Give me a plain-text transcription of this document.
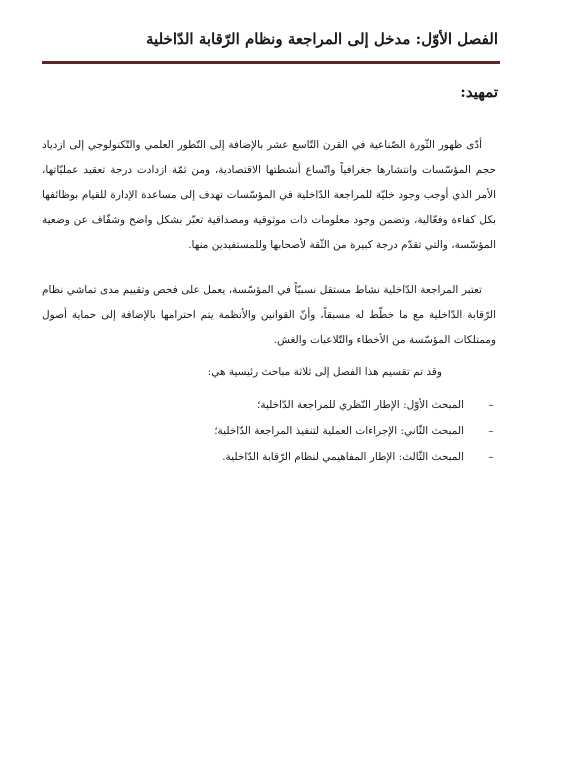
الفصل الأوّل: مدخل إلى المراجعة ونظام الرّقابة الدّاخلية
تمهيد:

أدّى ظهور الثّورة الصّناعية في القرن التّاسع عشر بالإضافة إلى التّطور العلمي والتّكنولوجي إلى ازدياد حجم المؤسّسات وانتشارها جغرافياً واتّساع أنشطتها الاقتصادية، ومن ثمّة ازدادت درجة تعقيد عمليّاتها، الأمر الذي أوجب وجود خليّة للمراجعة الدّاخلية في المؤسّسات تهدف إلى مساعدة الإدارة للقيام بوظائفها بكل كفاءة وفعّالية، وتضمن وجود معلومات ذات موثوقية ومصداقية تعبّر بشكل واضح وشفّاف عن وضعية المؤسّسة، والتي تقدّم درجة كبيرة من الثّقة لأصحابها وللمستفيدين منها.

تعتبر المراجعة الدّاخلية نشاط مستقل نسبيّاً في المؤسّسة، يعمل على فحص وتقييم مدى تماشي نظام الرّقابة الدّاخلية مع ما خطّط له مسبقاً، وأنّ القوانين والأنظمة يتم احترامها بالإضافة إلى حماية أصول وممتلكات المؤسّسة من الأخطاء والتّلاعبات والغش.

وقد تم تقسيم هذا الفصل إلى ثلاثة مباحث رئيسية هي:
–
المبحث الأوّل: الإطار النّظري للمراجعة الدّاخلية؛
–
المبحث الثّاني: الإجراءات العملية لتنفيذ المراجعة الدّاخلية؛
–
المبحث الثّالث: الإطار المفاهيمي لنظام الرّقابة الدّاخلية.
